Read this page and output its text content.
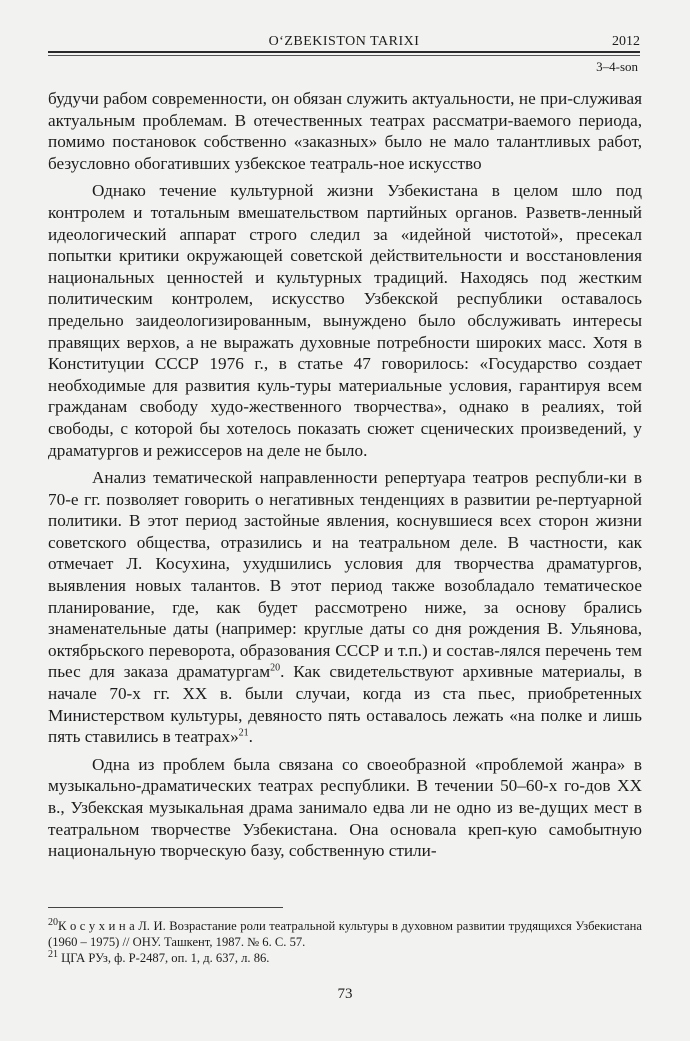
O‘ZBEKISTON TARIXI	2012
3–4-son

будучи рабом современности, он обязан служить актуальности, не при-служивая актуальным проблемам. В отечественных театрах рассматри-ваемого периода, помимо постановок собственно «заказных» было не мало талантливых работ, безусловно обогативших узбекское театраль-ное искусство

Однако течение культурной жизни Узбекистана в целом шло под контролем и тотальным вмешательством партийных органов. Разветв-ленный идеологический аппарат строго следил за «идейной чистотой», пресекал попытки критики окружающей советской действительности и восстановления национальных ценностей и культурных традиций. Находясь под жестким политическим контролем, искусство Узбекской республики оставалось предельно заидеологизированным, вынуждено было обслуживать интересы правящих верхов, а не выражать духовные потребности широких масс. Хотя в Конституции СССР 1976 г., в статье 47 говорилось: «Государство создает необходимые для развития куль-туры материальные условия, гарантируя всем гражданам свободу худо-жественного творчества», однако в реалиях, той свободы, с которой бы хотелось показать сюжет сценических произведений, у драматургов и режиссеров на деле не было.

Анализ тематической направленности репертуара театров республи-ки в 70-е гг. позволяет говорить о негативных тенденциях в развитии ре-пертуарной политики. В этот период застойные явления, коснувшиеся всех сторон жизни советского общества, отразились и на театральном деле. В частности, как отмечает Л. Косухина, ухудшились условия для творчества драматургов, выявления новых талантов. В этот период также возобладало тематическое планирование, где, как будет рассмотрено ниже, за основу брались знаменательные даты (например: круглые даты со дня рождения В. Ульянова, октябрьского переворота, образования СССР и т.п.) и состав-лялся перечень тем пьес для заказа драматургам$^{20}$. Как свидетельствуют архивные материалы, в начале 70-х гг. XX в. были случаи, когда из ста пьес, приобретенных Министерством культуры, девяносто пять оставалось лежать «на полке и лишь пять ставились в театрах»$^{21}$.

Одна из проблем была связана со своеобразной «проблемой жанра» в музыкально-драматических театрах республики. В течении 50–60-х го-дов XX в., Узбекская музыкальная драма занимало едва ли не одно из ве-дущих мест в театральном творчестве Узбекистана. Она основала креп-кую самобытную национальную творческую базу, собственную стили-

$^{20}$К о с у х и н а Л. И. Возрастание роли театральной культуры в духовном развитии трудящихся Узбекистана (1960 – 1975) // ОНУ. Ташкент, 1987. № 6. С. 57.

$^{21}$ ЦГА РУз, ф. Р-2487, оп. 1, д. 637, л. 86.

73
